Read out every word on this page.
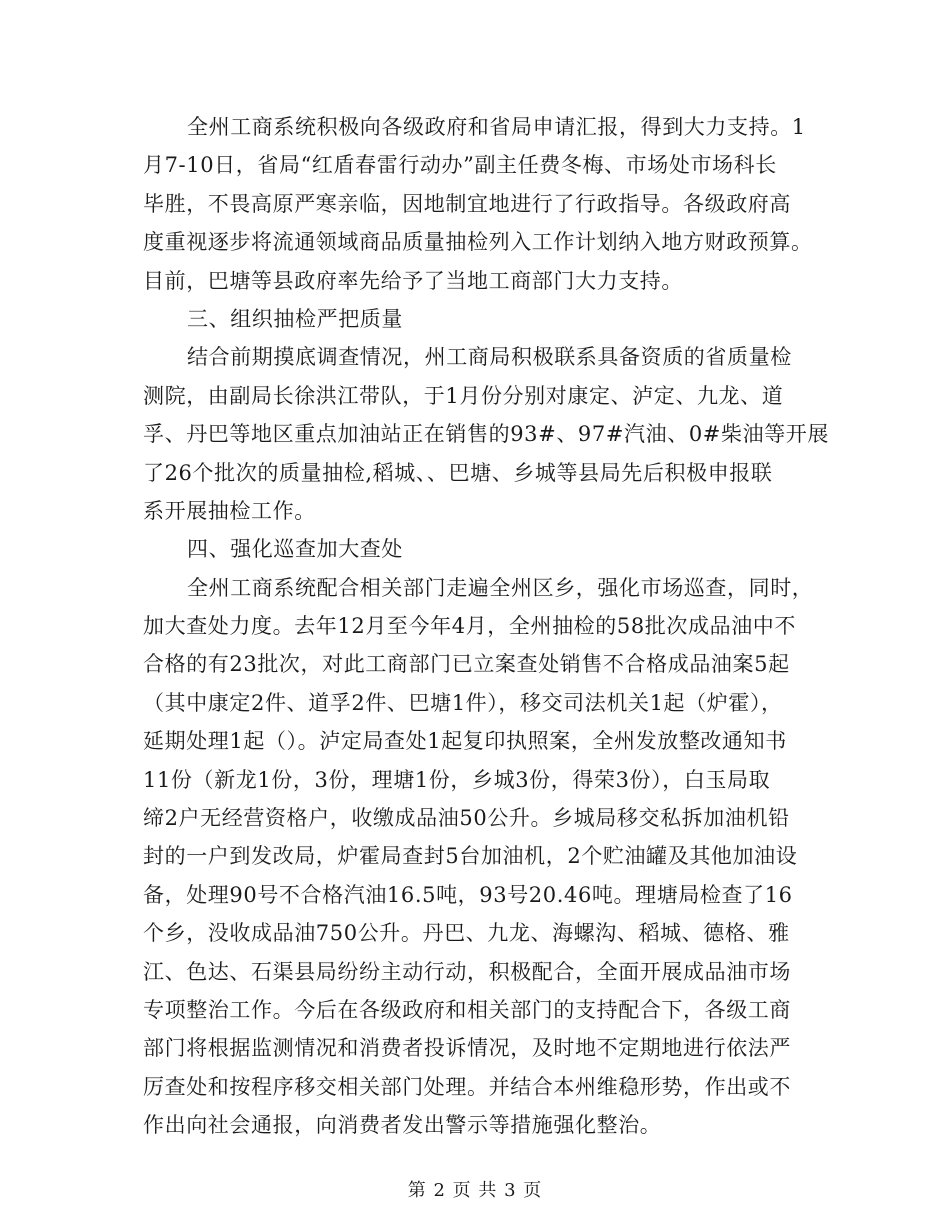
全州工商系统积极向各级政府和省局申请汇报，得到大力支持。1
月7-10日，省局“红盾春雷行动办”副主任费冬梅、市场处市场科长
毕胜，不畏高原严寒亲临，因地制宜地进行了行政指导。各级政府高
度重视逐步将流通领域商品质量抽检列入工作计划纳入地方财政预算。
目前，巴塘等县政府率先给予了当地工商部门大力支持。
三、组织抽检严把质量
结合前期摸底调查情况，州工商局积极联系具备资质的省质量检
测院，由副局长徐洪江带队，于1月份分别对康定、泸定、九龙、道
孚、丹巴等地区重点加油站正在销售的93#、97#汽油、0#柴油等开展
了26个批次的质量抽检,稻城、、巴塘、乡城等县局先后积极申报联
系开展抽检工作。
四、强化巡查加大查处
全州工商系统配合相关部门走遍全州区乡，强化市场巡查，同时，
加大查处力度。去年12月至今年4月，全州抽检的58批次成品油中不
合格的有23批次，对此工商部门已立案查处销售不合格成品油案5起
（其中康定2件、道孚2件、巴塘1件），移交司法机关1起（炉霍），
延期处理1起（）。泸定局查处1起复印执照案，全州发放整改通知书
11份（新龙1份，3份，理塘1份，乡城3份，得荣3份），白玉局取
缔2户无经营资格户，收缴成品油50公升。乡城局移交私拆加油机铅
封的一户到发改局，炉霍局查封5台加油机，2个贮油罐及其他加油设
备，处理90号不合格汽油16.5吨，93号20.46吨。理塘局检查了16
个乡，没收成品油750公升。丹巴、九龙、海螺沟、稻城、德格、雅
江、色达、石渠县局纷纷主动行动，积极配合，全面开展成品油市场
专项整治工作。今后在各级政府和相关部门的支持配合下，各级工商
部门将根据监测情况和消费者投诉情况，及时地不定期地进行依法严
厉查处和按程序移交相关部门处理。并结合本州维稳形势，作出或不
作出向社会通报，向消费者发出警示等措施强化整治。
第 2 页 共 3 页
